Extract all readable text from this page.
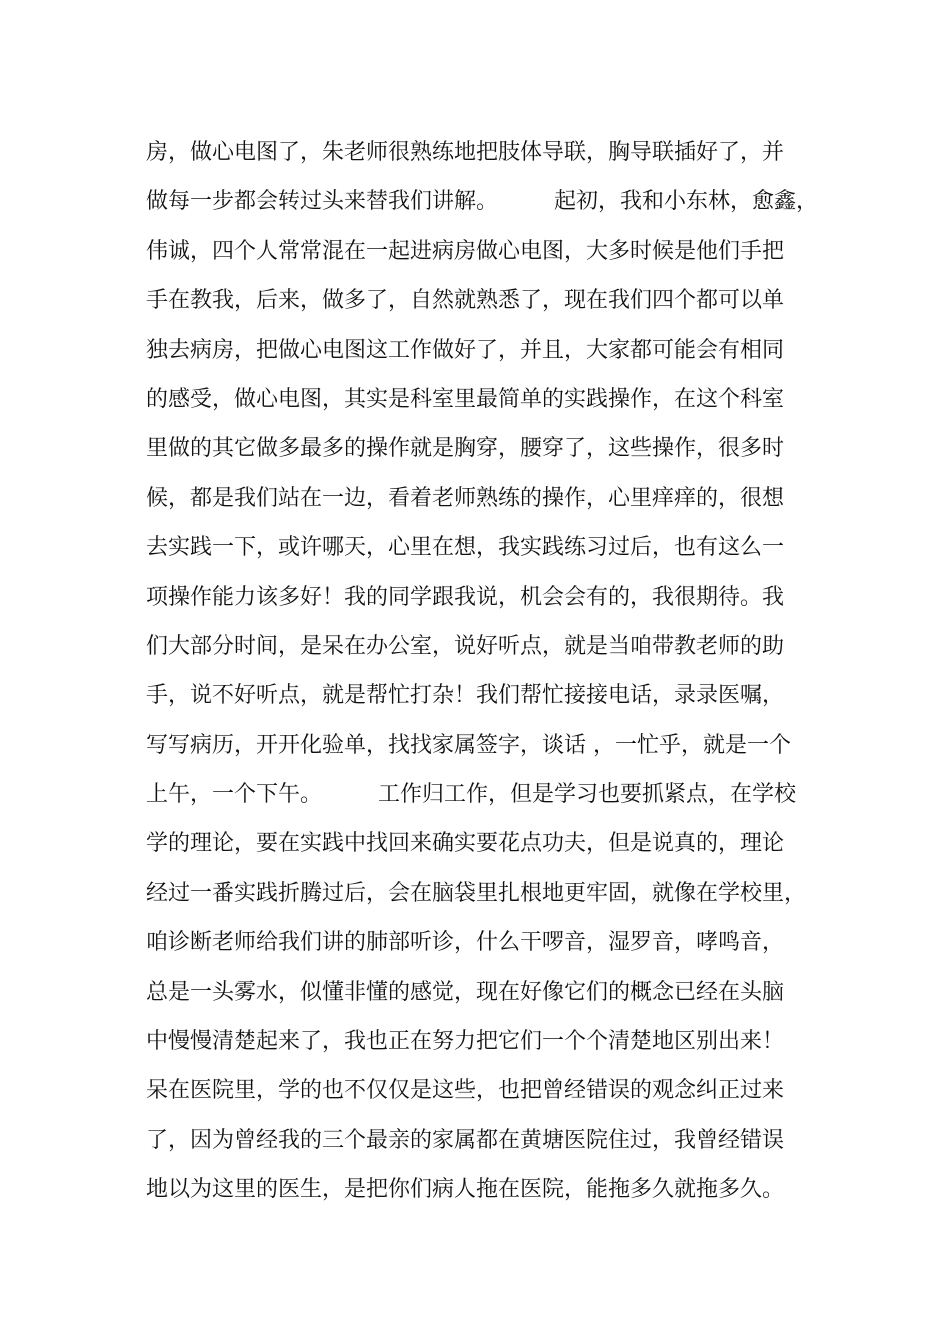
房，做心电图了，朱老师很熟练地把肢体导联，胸导联插好了，并
做每一步都会转过头来替我们讲解。        起初，我和小东林，愈鑫，
伟诚，四个人常常混在一起进病房做心电图，大多时候是他们手把
手在教我，后来，做多了，自然就熟悉了，现在我们四个都可以单
独去病房，把做心电图这工作做好了，并且，大家都可能会有相同
的感受，做心电图，其实是科室里最简单的实践操作，在这个科室
里做的其它做多最多的操作就是胸穿，腰穿了，这些操作，很多时
候，都是我们站在一边，看着老师熟练的操作，心里痒痒的，很想
去实践一下，或许哪天，心里在想，我实践练习过后，也有这么一
项操作能力该多好！我的同学跟我说，机会会有的，我很期待。我
们大部分时间，是呆在办公室，说好听点，就是当咱带教老师的助
手，说不好听点，就是帮忙打杂！我们帮忙接接电话，录录医嘱，
写写病历，开开化验单，找找家属签字，谈话 ，一忙乎，就是一个
上午，一个下午。        工作归工作，但是学习也要抓紧点，在学校
学的理论，要在实践中找回来确实要花点功夫，但是说真的，理论
经过一番实践折腾过后，会在脑袋里扎根地更牢固，就像在学校里，
咱诊断老师给我们讲的肺部听诊，什么干啰音，湿罗音，哮鸣音，
总是一头雾水，似懂非懂的感觉，现在好像它们的概念已经在头脑
中慢慢清楚起来了，我也正在努力把它们一个个清楚地区别出来！
呆在医院里，学的也不仅仅是这些，也把曾经错误的观念纠正过来
了，因为曾经我的三个最亲的家属都在黄塘医院住过，我曾经错误
地以为这里的医生，是把你们病人拖在医院，能拖多久就拖多久。
